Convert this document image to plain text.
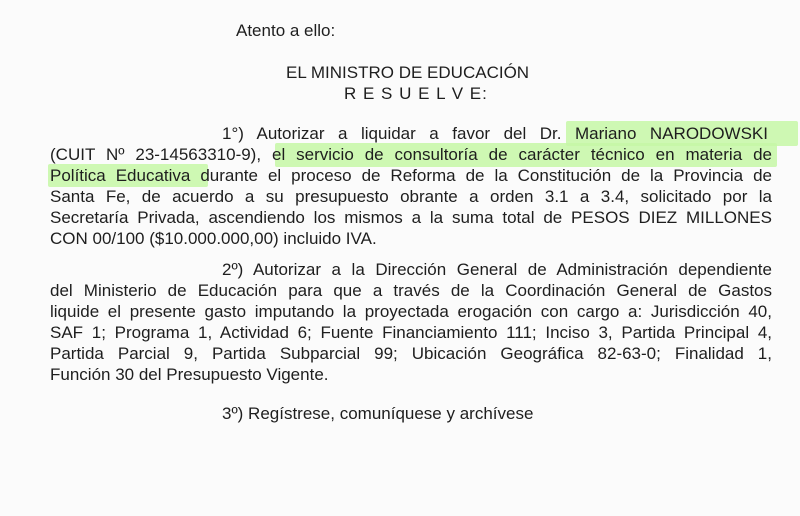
Atento a ello:
EL MINISTRO DE EDUCACIÓN
R E S U E L V E:
1°) Autorizar a liquidar a favor del Dr. Mariano NARODOWSKI
(CUIT Nº 23-14563310-9), el servicio de consultoría de carácter técnico en materia de
Política Educativa durante el proceso de Reforma de la Constitución de la Provincia de
Santa Fe, de acuerdo a su presupuesto obrante a orden 3.1 a 3.4, solicitado por la
Secretaría Privada, ascendiendo los mismos a la suma total de PESOS DIEZ MILLONES
CON 00/100 ($10.000.000,00) incluido IVA.
2º) Autorizar a la Dirección General de Administración dependiente
del Ministerio de Educación para que a través de la Coordinación General de Gastos
liquide el presente gasto imputando la proyectada erogación con cargo a: Jurisdicción 40,
SAF 1; Programa 1, Actividad 6; Fuente Financiamiento 111; Inciso 3, Partida Principal 4,
Partida Parcial 9, Partida Subparcial 99; Ubicación Geográfica 82-63-0; Finalidad 1,
Función 30 del Presupuesto Vigente.
3º) Regístrese, comuníquese y archívese
